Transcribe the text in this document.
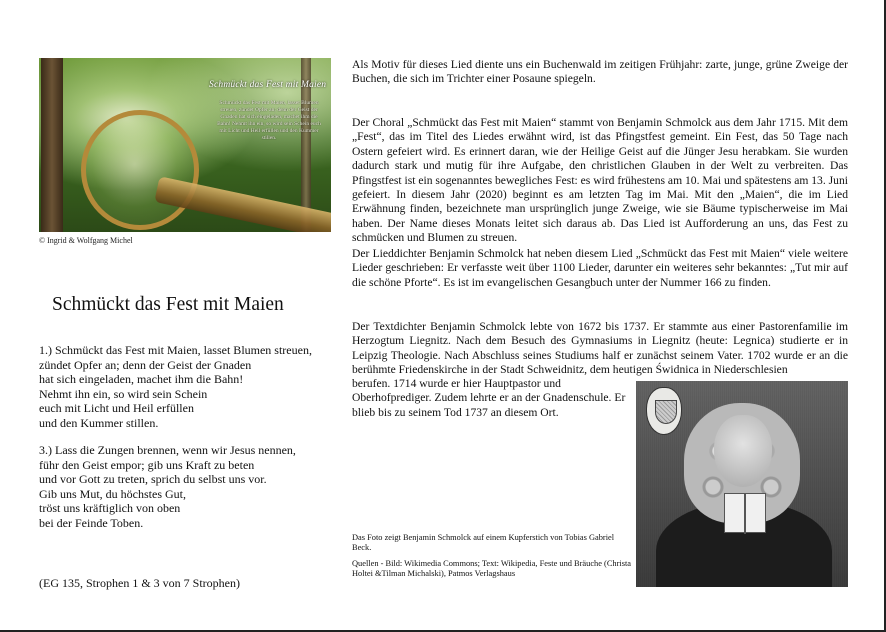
Schmückt das Fest mit Maien
Schmückt das Fest mit Maien, lasset Blumen streuen, zündet Opfer an; denn der Geist der Gnaden hat sich eingeladen, machet ihm die Bahn! Nehmt ihn ein, so wird sein Schein euch mit Licht und Heil erfüllen und den Kummer stillen.
© Ingrid & Wolfgang Michel
Schmückt das Fest mit Maien
1.) Schmückt das Fest mit Maien, lasset Blumen streuen,
zündet Opfer an; denn der Geist der Gnaden
hat sich eingeladen, machet ihm die Bahn!
Nehmt ihn ein, so wird sein Schein
euch mit Licht und Heil erfüllen
und den Kummer stillen.
3.) Lass die Zungen brennen, wenn wir Jesus nennen,
führ den Geist empor; gib uns Kraft zu beten
und vor Gott zu treten, sprich du selbst uns vor.
Gib uns Mut, du höchstes Gut,
tröst uns kräftiglich von oben
bei der Feinde Toben.
(EG 135, Strophen 1 & 3 von 7 Strophen)
Als Motiv für dieses Lied diente uns ein Buchenwald im zeitigen Frühjahr: zarte, junge, grüne Zweige der Buchen, die sich im Trichter einer Posaune spiegeln.
Der Choral „Schmückt das Fest mit Maien“ stammt von Benjamin Schmolck aus dem Jahr 1715. Mit dem „Fest“, das im Titel des Liedes erwähnt wird, ist das Pfingstfest gemeint. Ein Fest, das 50 Tage nach Ostern gefeiert wird. Es erinnert daran, wie der Heilige Geist auf die Jünger Jesu herabkam. Sie wurden dadurch stark und mutig für ihre Aufgabe, den christlichen Glauben in der Welt zu verbreiten. Das Pfingstfest ist ein sogenanntes bewegliches Fest: es wird frühestens am 10. Mai und spätestens am 13. Juni gefeiert. In diesem Jahr (2020) beginnt es am letzten Tag im Mai. Mit den „Maien“, die im Lied Erwähnung finden, bezeichnete man ursprünglich junge Zweige, wie sie Bäume typischerweise im Mai haben. Der Name dieses Monats leitet sich daraus ab. Das Lied ist Aufforderung an uns, das Fest zu schmücken und Blumen zu streuen.
Der Lieddichter Benjamin Schmolck hat neben diesem Lied „Schmückt das Fest mit Maien“ viele weitere Lieder geschrieben: Er verfasste weit über 1100 Lieder, darunter ein weiteres sehr bekanntes: „Tut mir auf die schöne Pforte“. Es ist im evangelischen Gesangbuch unter der Nummer 166 zu finden.
Der Textdichter Benjamin Schmolck lebte von 1672 bis 1737. Er stammte aus einer Pastorenfamilie im Herzogtum Liegnitz. Nach dem Besuch des Gymnasiums in Liegnitz (heute: Legnica) studierte er in Leipzig Theologie. Nach Abschluss seines Studiums half er zunächst seinem Vater. 1702 wurde er an die berühmte Friedenskirche in der Stadt Schweidnitz, dem heutigen Świdnica in Niederschlesien
berufen. 1714 wurde er hier Hauptpastor und Oberhofprediger. Zudem lehrte er an der Gnadenschule. Er blieb bis zu seinem Tod 1737 an diesem Ort.
Das Foto zeigt Benjamin Schmolck auf einem Kupferstich von Tobias Gabriel Beck.
Quellen - Bild: Wikimedia Commons; Text: Wikipedia, Feste und Bräuche (Christa Holtei &Tilman Michalski), Patmos Verlagshaus
